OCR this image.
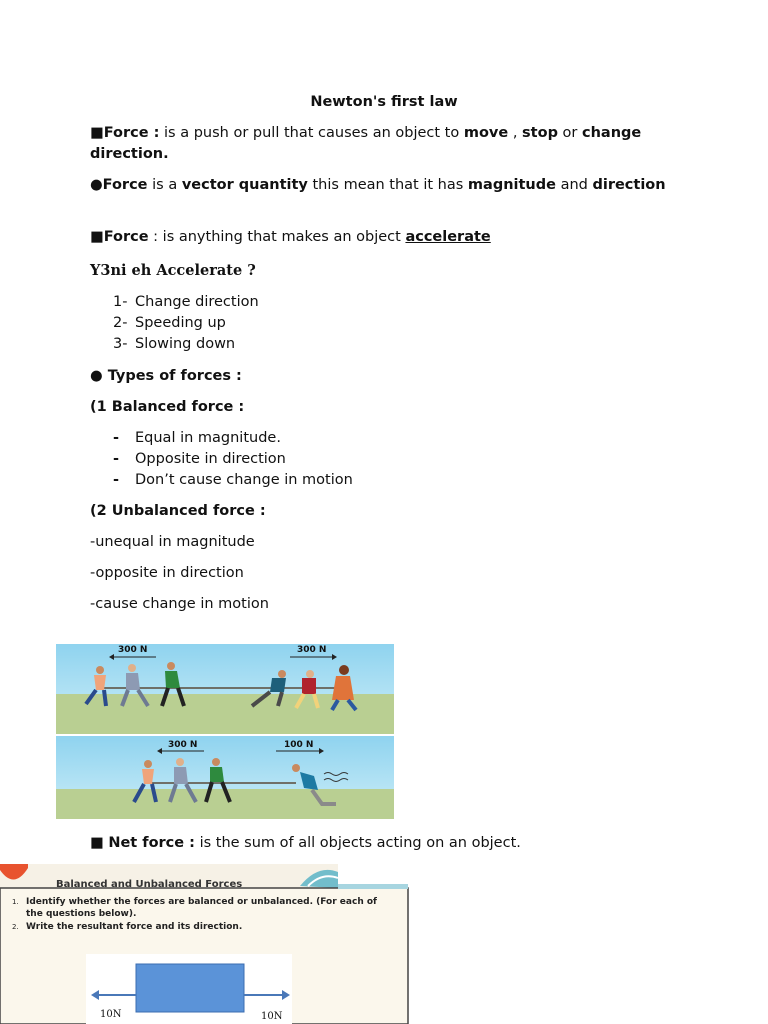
Newton's first law
■Force : is a push or pull that causes an object to move , stop or change direction.
●Force is a vector quantity this mean that it has magnitude and direction
■Force : is anything that makes an object accelerate
Y3ni eh Accelerate ?
1- Change direction
2- Speeding up
3- Slowing down
● Types of forces :
(1 Balanced force :
- Equal in magnitude.
- Opposite in direction
- Don’t cause change in motion
(2 Unbalanced force :
-unequal in magnitude
-opposite in direction
-cause change in motion
300 N	300 N
300 N	100 N
■ Net force : is the sum of all objects acting on an object.
Balanced and Unbalanced Forces
1. Identify whether the forces are balanced or unbalanced. (For each of the questions below).
2. Write the resultant force and its direction.
10N	10N
